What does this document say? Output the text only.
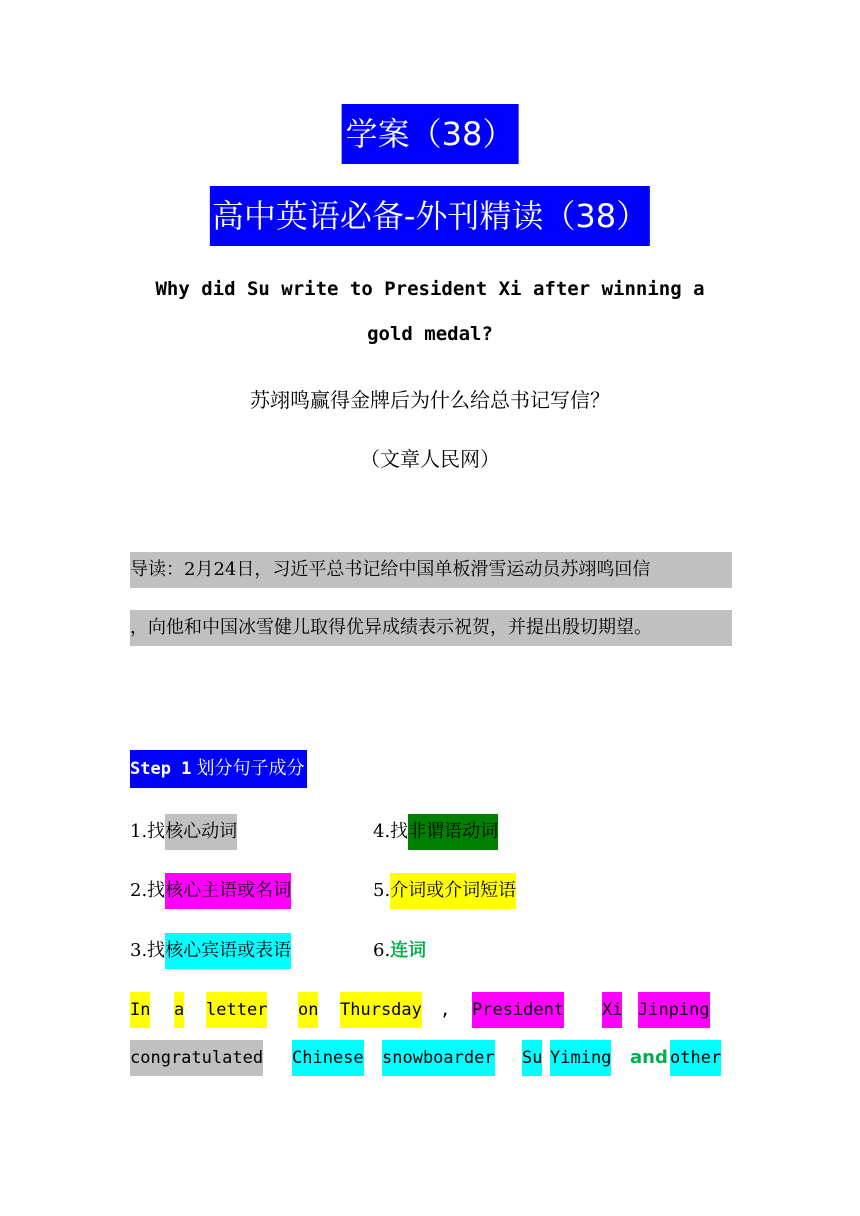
学案（38）
高中英语必备-外刊精读（38）
Why did Su write to President Xi after winning a
gold medal?
苏翊鸣赢得金牌后为什么给总书记写信？
（文章人民网）
导读：2月24日，习近平总书记给中国单板滑雪运动员苏翊鸣回信
，向他和中国冰雪健儿取得优异成绩表示祝贺，并提出殷切期望。
Step 1 划分句子成分
1.找核心动词	4.找非谓语动词
2.找核心主语或名词	5.介词或介词短语
3.找核心宾语或表语	6.连词
In a letter on Thursday , President Xi Jinping
congratulated Chinese snowboarder Su Yiming and other
